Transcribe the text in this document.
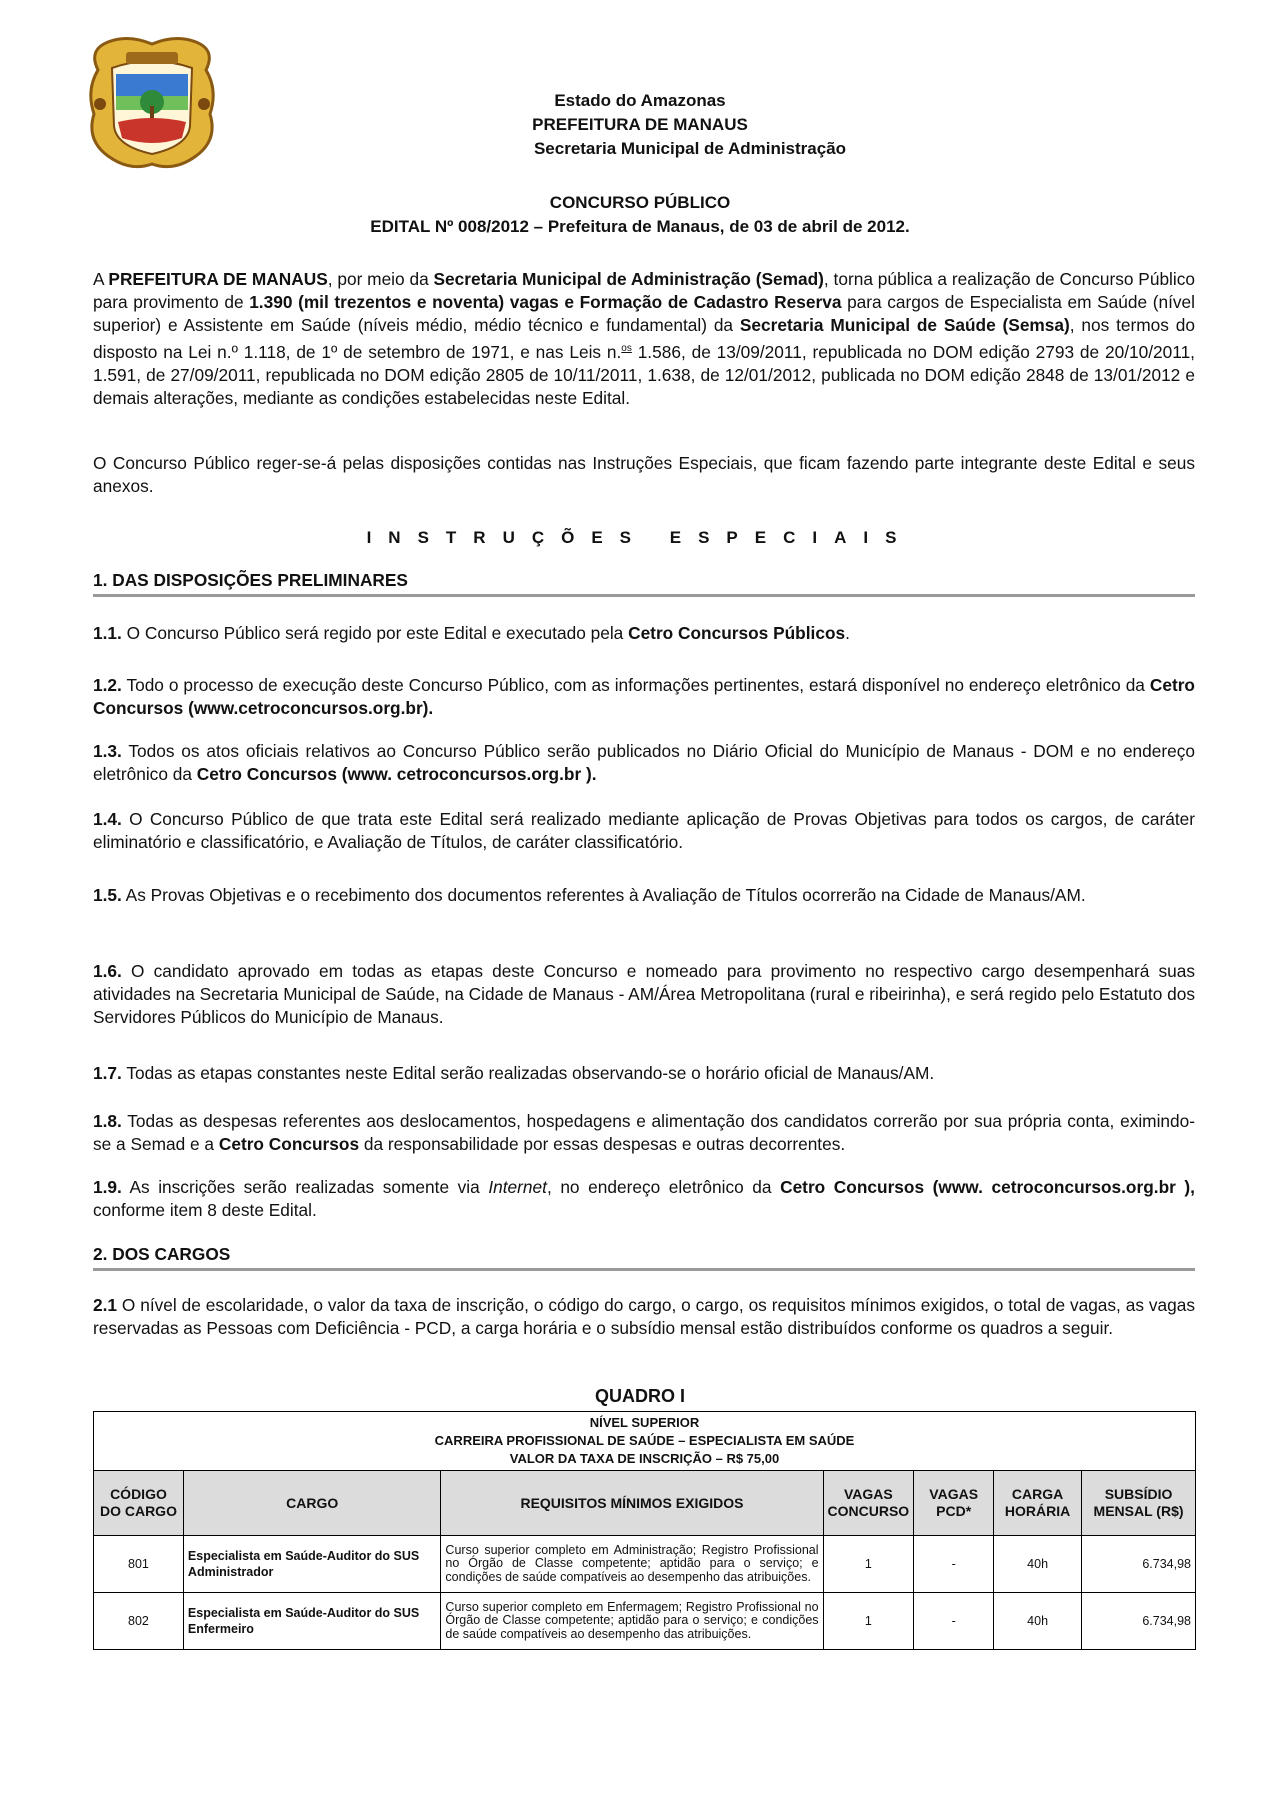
Estado do Amazonas
PREFEITURA DE MANAUS
Secretaria Municipal de Administração
CONCURSO PÚBLICO
EDITAL Nº 008/2012 – Prefeitura de Manaus, de 03 de abril de 2012.
A PREFEITURA DE MANAUS, por meio da Secretaria Municipal de Administração (Semad), torna pública a realização de Concurso Público para provimento de 1.390 (mil trezentos e noventa) vagas e Formação de Cadastro Reserva para cargos de Especialista em Saúde (nível superior) e Assistente em Saúde (níveis médio, médio técnico e fundamental) da Secretaria Municipal de Saúde (Semsa), nos termos do disposto na Lei n.º 1.118, de 1º de setembro de 1971, e nas Leis n.$^{os}$ 1.586, de 13/09/2011, republicada no DOM edição 2793 de 20/10/2011, 1.591, de 27/09/2011, republicada no DOM edição 2805 de 10/11/2011, 1.638, de 12/01/2012, publicada no DOM edição 2848 de 13/01/2012 e demais alterações, mediante as condições estabelecidas neste Edital.
O Concurso Público reger-se-á pelas disposições contidas nas Instruções Especiais, que ficam fazendo parte integrante deste Edital e seus anexos.
INSTRUÇÕES ESPECIAIS
1. DAS DISPOSIÇÕES PRELIMINARES
1.1. O Concurso Público será regido por este Edital e executado pela Cetro Concursos Públicos.
1.2. Todo o processo de execução deste Concurso Público, com as informações pertinentes, estará disponível no endereço eletrônico da Cetro Concursos (www.cetroconcursos.org.br).
1.3. Todos os atos oficiais relativos ao Concurso Público serão publicados no Diário Oficial do Município de Manaus - DOM e no endereço eletrônico da Cetro Concursos (www. cetroconcursos.org.br ).
1.4. O Concurso Público de que trata este Edital será realizado mediante aplicação de Provas Objetivas para todos os cargos, de caráter eliminatório e classificatório, e Avaliação de Títulos, de caráter classificatório.
1.5. As Provas Objetivas e o recebimento dos documentos referentes à Avaliação de Títulos ocorrerão na Cidade de Manaus/AM.
1.6. O candidato aprovado em todas as etapas deste Concurso e nomeado para provimento no respectivo cargo desempenhará suas atividades na Secretaria Municipal de Saúde, na Cidade de Manaus - AM/Área Metropolitana (rural e ribeirinha), e será regido pelo Estatuto dos Servidores Públicos do Município de Manaus.
1.7. Todas as etapas constantes neste Edital serão realizadas observando-se o horário oficial de Manaus/AM.
1.8. Todas as despesas referentes aos deslocamentos, hospedagens e alimentação dos candidatos correrão por sua própria conta, eximindo-se a Semad e a Cetro Concursos da responsabilidade por essas despesas e outras decorrentes.
1.9. As inscrições serão realizadas somente via Internet, no endereço eletrônico da Cetro Concursos (www. cetroconcursos.org.br ), conforme item 8 deste Edital.
2. DOS CARGOS
2.1 O nível de escolaridade, o valor da taxa de inscrição, o código do cargo, o cargo, os requisitos mínimos exigidos, o total de vagas, as vagas reservadas as Pessoas com Deficiência - PCD, a carga horária e o subsídio mensal estão distribuídos conforme os quadros a seguir.
QUADRO I
NÍVEL SUPERIOR
CARREIRA PROFISSIONAL DE SAÚDE – ESPECIALISTA EM SAÚDE
VALOR DA TAXA DE INSCRIÇÃO – R$ 75,00						

CÓDIGO DO CARGO	CARGO	REQUISITOS MÍNIMOS EXIGIDOS	VAGAS CONCURSO	VAGAS PCD*	CARGA HORÁRIA	SUBSÍDIO MENSAL (R$)
801	Especialista em Saúde-Auditor do SUS Administrador	Curso superior completo em Administração; Registro Profissional no Órgão de Classe competente; aptidão para o serviço; e condições de saúde compatíveis ao desempenho das atribuições.	1	-	40h	6.734,98
802	Especialista em Saúde-Auditor do SUS Enfermeiro	Curso superior completo em Enfermagem; Registro Profissional no Órgão de Classe competente; aptidão para o serviço; e condições de saúde compatíveis ao desempenho das atribuições.	1	-	40h	6.734,98
